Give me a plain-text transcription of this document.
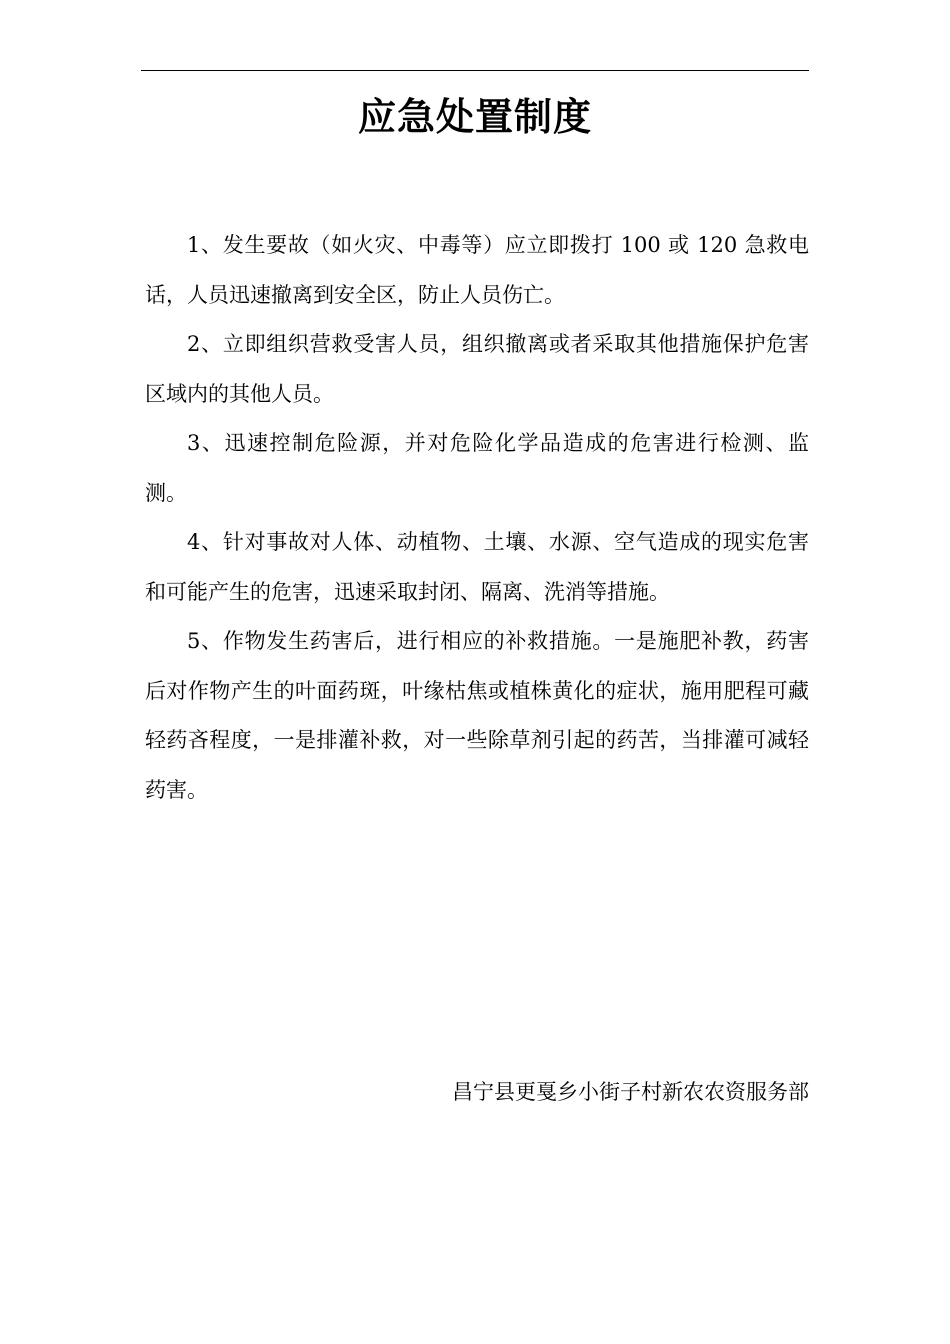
应急处置制度

1、发生要故（如火灾、中毒等）应立即拨打 100 或 120 急救电话，人员迅速撤离到安全区，防止人员伤亡。

2、立即组织营救受害人员，组织撤离或者采取其他措施保护危害区域内的其他人员。

3、迅速控制危险源，并对危险化学品造成的危害进行检测、监测。

4、针对事故对人体、动植物、土壤、水源、空气造成的现实危害和可能产生的危害，迅速采取封闭、隔离、洗消等措施。

5、作物发生药害后，进行相应的补救措施。一是施肥补教，药害后对作物产生的叶面药斑，叶缘枯焦或植株黄化的症状，施用肥程可藏轻药吝程度，一是排灌补救，对一些除草剂引起的药苦，当排灌可减轻药害。

昌宁县更戛乡小街子村新农农资服务部
